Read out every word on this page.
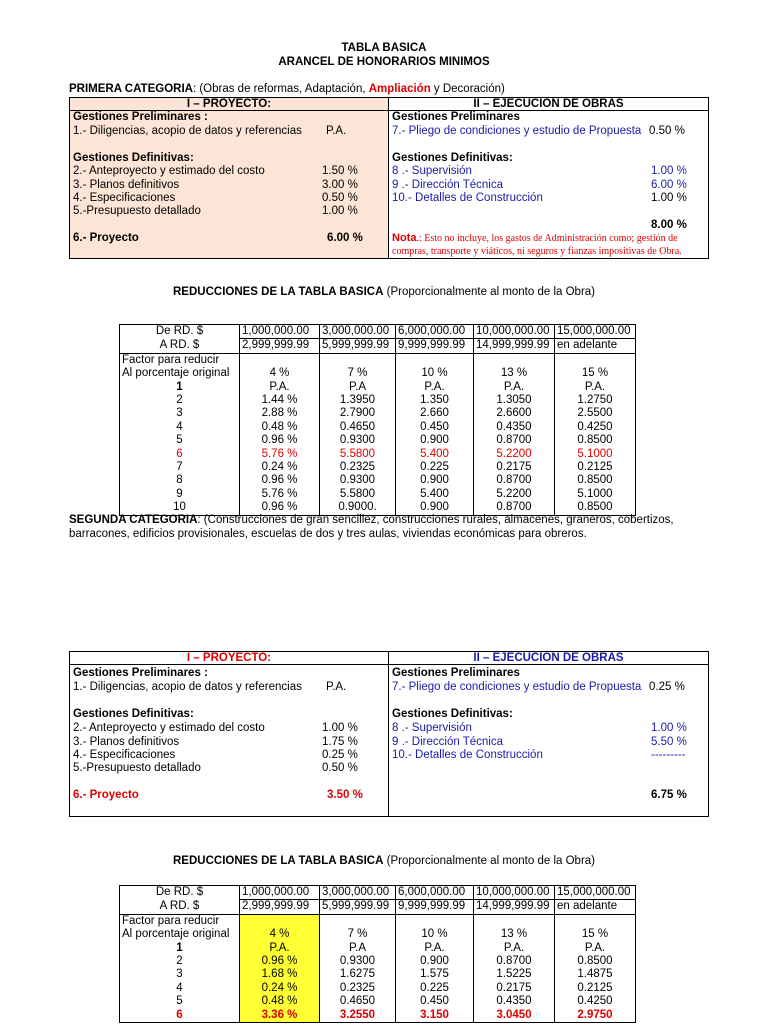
TABLA BASICA
ARANCEL DE HONORARIOS MINIMOS
PRIMERA CATEGORIA: (Obras de reformas, Adaptación, Ampliación y Decoración)
I – PROYECTO:
Gestiones Preliminares :
1.- Diligencias, acopio de datos y referencias P.A.
Gestiones Definitivas:
2.- Anteproyecto y estimado del costo	1.50 %
3.- Planos definitivos	3.00 %
4.- Especificaciones	0.50 %
5.-Presupuesto detallado	1.00 %
6.- Proyecto	6.00 %
II – EJECUCION DE OBRAS
Gestiones Preliminares
7.- Pliego de condiciones y estudio de Propuesta 0.50 %
Gestiones Definitivas:
8 .- Supervisión	1.00 %
9 .- Dirección Técnica	6.00 %
10.- Detalles de Construcción	1.00 %
8.00 %
Nota.: Esto no incluye, los gastos de Administración como; gestión de compras, transporte y viáticos, ni seguros y fianzas impositivas de Obra.
REDUCCIONES DE LA TABLA BASICA (Proporcionalmente al monto de la Obra)
De RD. $	1,000,000.00	3,000,000.00	6,000,000.00	10,000,000.00	15,000,000.00
A RD. $	2,999,999.99	5,999,999.99	9,999,999.99	14,999,999.99	en adelante
Factor para reducir					
Al porcentaje original	4 %	7 %	10 %	13 %	15 %
1	P.A.	P.A	P.A.	P.A.	P.A.
2	1.44 %	1.3950	1.350	1.3050	1.2750
3	2.88 %	2.7900	2.660	2.6600	2.5500
4	0.48 %	0.4650	0.450	0.4350	0.4250
5	0.96 %	0.9300	0.900	0.8700	0.8500
6	5.76 %	5.5800	5.400	5.2200	5.1000
7	0.24 %	0.2325	0.225	0.2175	0.2125
8	0.96 %	0.9300	0.900	0.8700	0.8500
9	5.76 %	5.5800	5.400	5.2200	5.1000
10	0.96 %	0.9000.	0.900	0.8700	0.8500
SEGUNDA CATEGORIA: (Construcciones de gran sencillez, construcciones rurales, almacenes, graneros, cobertizos, barracones, edificios provisionales, escuelas de dos y tres aulas, viviendas económicas para obreros.
I – PROYECTO:
Gestiones Preliminares :
1.- Diligencias, acopio de datos y referencias P.A.
Gestiones Definitivas:
2.- Anteproyecto y estimado del costo	1.00 %
3.- Planos definitivos	1.75 %
4.- Especificaciones	0.25 %
5.-Presupuesto detallado	0.50 %
6.- Proyecto	3.50 %
II – EJECUCION DE OBRAS
Gestiones Preliminares
7.- Pliego de condiciones y estudio de Propuesta 0.25 %
Gestiones Definitivas:
8 .- Supervisión	1.00 %
9 .- Dirección Técnica	5.50 %
10.- Detalles de Construcción	---------
6.75 %
REDUCCIONES DE LA TABLA BASICA (Proporcionalmente al monto de la Obra)
De RD. $	1,000,000.00	3,000,000.00	6,000,000.00	10,000,000.00	15,000,000.00
A RD. $	2,999,999.99	5,999,999.99	9,999,999.99	14,999,999.99	en adelante
Factor para reducir					
Al porcentaje original	4 %	7 %	10 %	13 %	15 %
1	P.A.	P.A	P.A.	P.A.	P.A.
2	0.96 %	0.9300	0.900	0.8700	0.8500
3	1.68 %	1.6275	1.575	1.5225	1.4875
4	0.24 %	0.2325	0.225	0.2175	0.2125
5	0.48 %	0.4650	0.450	0.4350	0.4250
6	3.36 %	3.2550	3.150	3.0450	2.9750
